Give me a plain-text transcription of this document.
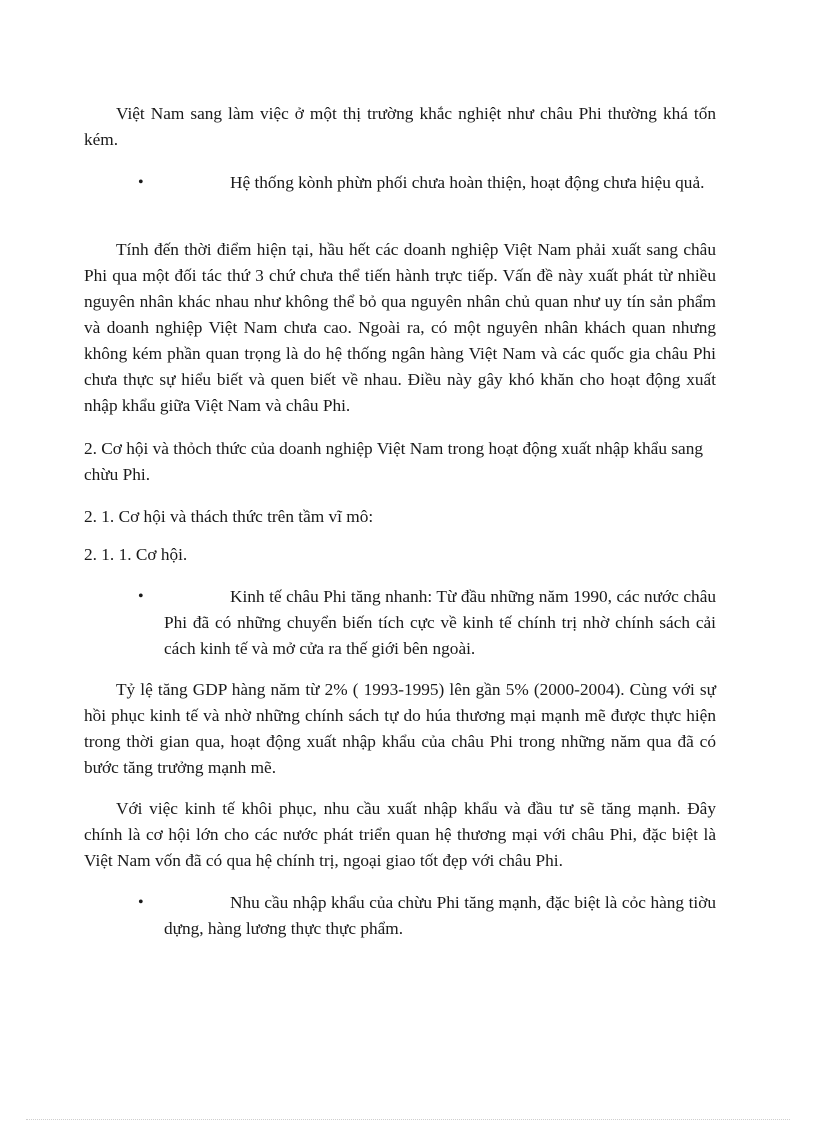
Việt Nam sang làm việc ở một thị trường khắc nghiệt như châu Phi thường khá tốn kém.

•	Hệ thống kònh phừn phối chưa hoàn thiện, hoạt động chưa hiệu quả.

Tính đến thời điểm hiện tại, hầu hết các doanh nghiệp Việt Nam phải xuất sang châu Phi qua một đối tác thứ 3 chứ chưa thể tiến hành trực tiếp. Vấn đề này xuất phát từ nhiều nguyên nhân khác nhau như không thể bỏ qua nguyên nhân chủ quan như uy tín sản phẩm và doanh nghiệp Việt Nam chưa cao. Ngoài ra, có một nguyên nhân khách quan nhưng không kém phần quan trọng là do hệ thống ngân hàng Việt Nam và các quốc gia châu Phi chưa thực sự hiểu biết và quen biết về nhau. Điều này gây khó khăn cho hoạt động xuất nhập khẩu giữa Việt Nam và châu Phi.

2. Cơ hội và thỏch thức của doanh nghiệp Việt Nam trong hoạt động xuất nhập khẩu sang chừu Phi.

2. 1. Cơ hội và thách thức trên tầm vĩ mô:

2. 1. 1. Cơ hội.

•	Kinh tế châu Phi tăng nhanh: Từ đầu những năm 1990, các nước châu Phi đã có những chuyển biến tích cực về kinh tế chính trị nhờ chính sách cải cách kinh tế và mở cửa ra thế giới bên ngoài.

Tỷ lệ tăng GDP hàng năm từ 2% ( 1993-1995) lên gần 5% (2000-2004). Cùng với sự hồi phục kinh tế và nhờ những chính sách tự do húa thương mại mạnh mẽ được thực hiện trong thời gian qua, hoạt động xuất nhập khẩu của châu Phi trong những năm qua đã có bước tăng trưởng mạnh mẽ.

Với việc kinh tế khôi phục, nhu cầu xuất nhập khẩu và đầu tư sẽ tăng mạnh. Đây chính là cơ hội lớn cho các nước phát triển quan hệ thương mại với châu Phi, đặc biệt là Việt Nam vốn đã có qua hệ chính trị, ngoại giao tốt đẹp với châu Phi.

•	Nhu cầu nhập khẩu của chừu Phi tăng mạnh, đặc biệt là cỏc hàng tiờu dựng, hàng lương thực thực phẩm.
